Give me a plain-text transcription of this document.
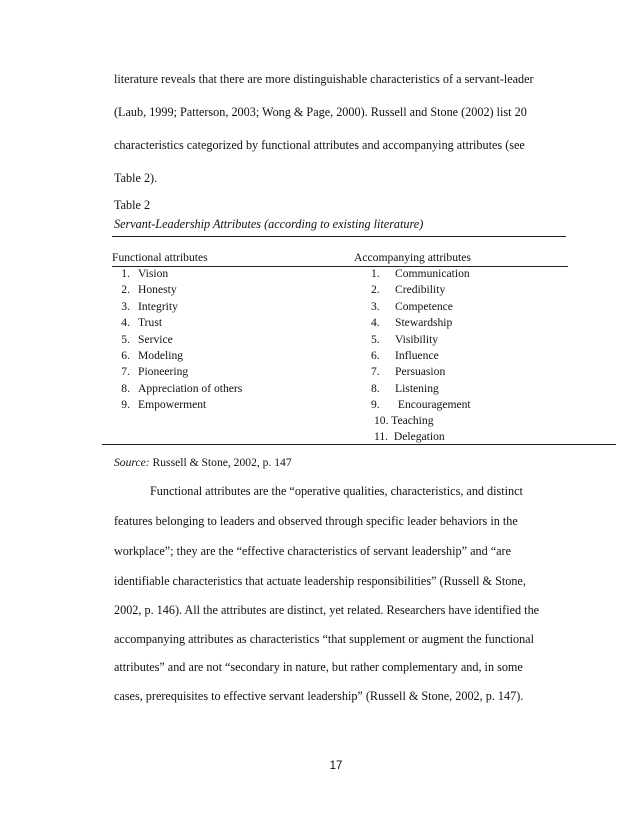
literature reveals that there are more distinguishable characteristics of a servant-leader
(Laub, 1999; Patterson, 2003; Wong & Page, 2000). Russell and Stone (2002) list 20
characteristics categorized by functional attributes and accompanying attributes (see
Table 2).
Table 2
Servant-Leadership Attributes (according to existing literature)
Functional attributes	Accompanying attributes
1. Vision
2. Honesty
3. Integrity
4. Trust
5. Service
6. Modeling
7. Pioneering
8. Appreciation of others
9. Empowerment
1. Communication
2. Credibility
3. Competence
4. Stewardship
5. Visibility
6. Influence
7. Persuasion
8. Listening
9. Encouragement
10. Teaching
11.  Delegation
Source: Russell & Stone, 2002, p. 147
Functional attributes are the “operative qualities, characteristics, and distinct
features belonging to leaders and observed through specific leader behaviors in the
workplace”; they are the “effective characteristics of servant leadership” and “are
identifiable characteristics that actuate leadership responsibilities” (Russell & Stone,
2002, p. 146). All the attributes are distinct, yet related. Researchers have identified the
accompanying attributes as characteristics “that supplement or augment the functional
attributes” and are not “secondary in nature, but rather complementary and, in some
cases, prerequisites to effective servant leadership” (Russell & Stone, 2002, p. 147).
17
